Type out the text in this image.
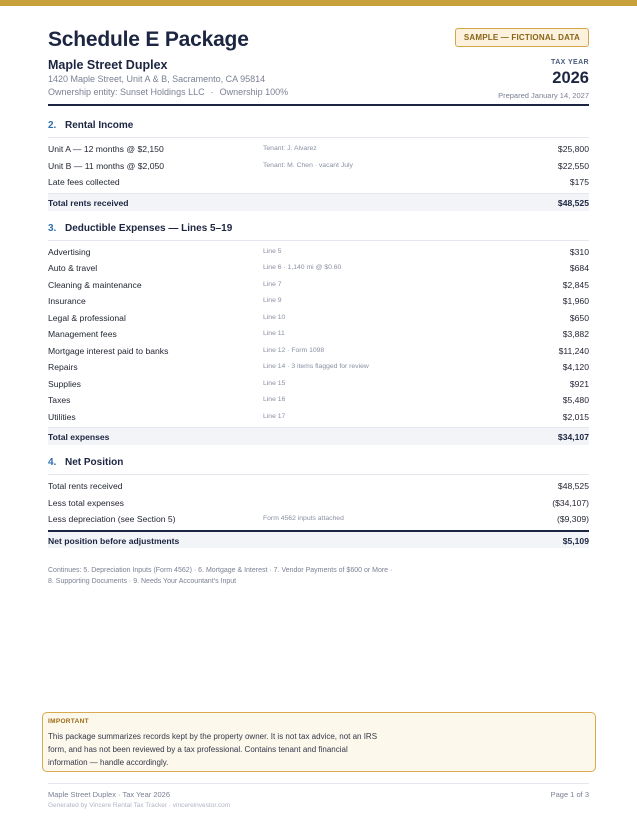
Schedule E Package	SAMPLE — FICTIONAL DATA
Maple Street Duplex
1420 Maple Street, Unit A & B, Sacramento, CA 95814
Ownership entity: Sunset Holdings LLC · Ownership 100%
TAX YEAR
2026
Prepared January 14, 2027
2. Rental Income
Unit A — 12 months @ $2,150	Tenant: J. Alvarez	$25,800
Unit B — 11 months @ $2,050	Tenant: M. Chen · vacant July	$22,550
Late fees collected	$175
Total rents received	$48,525
3. Deductible Expenses — Lines 5–19
Advertising	Line 5	$310
Auto & travel	Line 6 · 1,140 mi @ $0.60	$684
Cleaning & maintenance	Line 7	$2,845
Insurance	Line 9	$1,960
Legal & professional	Line 10	$650
Management fees	Line 11	$3,882
Mortgage interest paid to banks	Line 12 · Form 1098	$11,240
Repairs	Line 14 · 3 items flagged for review	$4,120
Supplies	Line 15	$921
Taxes	Line 16	$5,480
Utilities	Line 17	$2,015
Total expenses	$34,107
4. Net Position
Total rents received	$48,525
Less total expenses	($34,107)
Less depreciation (see Section 5)	Form 4562 inputs attached	($9,309)
Net position before adjustments	$5,109
Continues: 5. Depreciation Inputs (Form 4562) · 6. Mortgage & Interest · 7. Vendor Payments of $600 or More ·
8. Supporting Documents · 9. Needs Your Accountant's Input
IMPORTANT
This package summarizes records kept by the property owner. It is not tax advice, not an IRS form, and has not been reviewed by a tax professional. Contains tenant and financial information — handle accordingly.
Maple Street Duplex · Tax Year 2026
Generated by Vincere Rental Tax Tracker · vincereinvestor.com
Page 1 of 3
